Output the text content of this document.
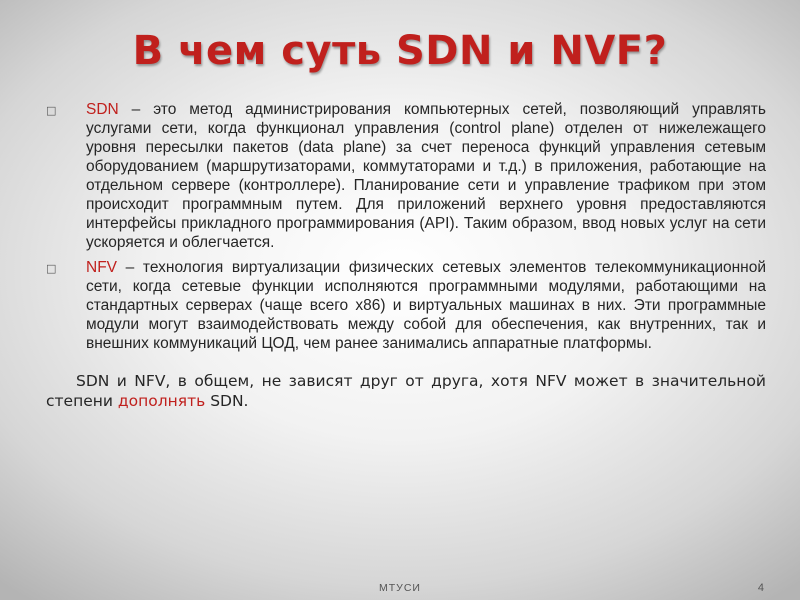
В чем суть SDN и NVF?

□ SDN – это метод администрирования компьютерных сетей, позволяющий управлять услугами сети, когда функционал управления (control plane) отделен от нижележащего уровня пересылки пакетов (data plane) за счет переноса функций управления сетевым оборудованием (маршрутизаторами, коммутаторами и т.д.) в приложения, работающие на отдельном сервере (контроллере). Планирование сети и управление трафиком при этом происходит программным путем. Для приложений верхнего уровня предоставляются интерфейсы прикладного программирования (API). Таким образом, ввод новых услуг на сети ускоряется и облегчается.

□ NFV – технология виртуализации физических сетевых элементов телекоммуникационной сети, когда сетевые функции исполняются программными модулями, работающими на стандартных серверах (чаще всего x86) и виртуальных машинах в них. Эти программные модули могут взаимодействовать между собой для обеспечения, как внутренних, так и внешних коммуникаций ЦОД, чем ранее занимались аппаратные платформы.

SDN и NFV, в общем, не зависят друг от друга, хотя NFV может в значительной степени дополнять SDN.

МТУСИ	4
